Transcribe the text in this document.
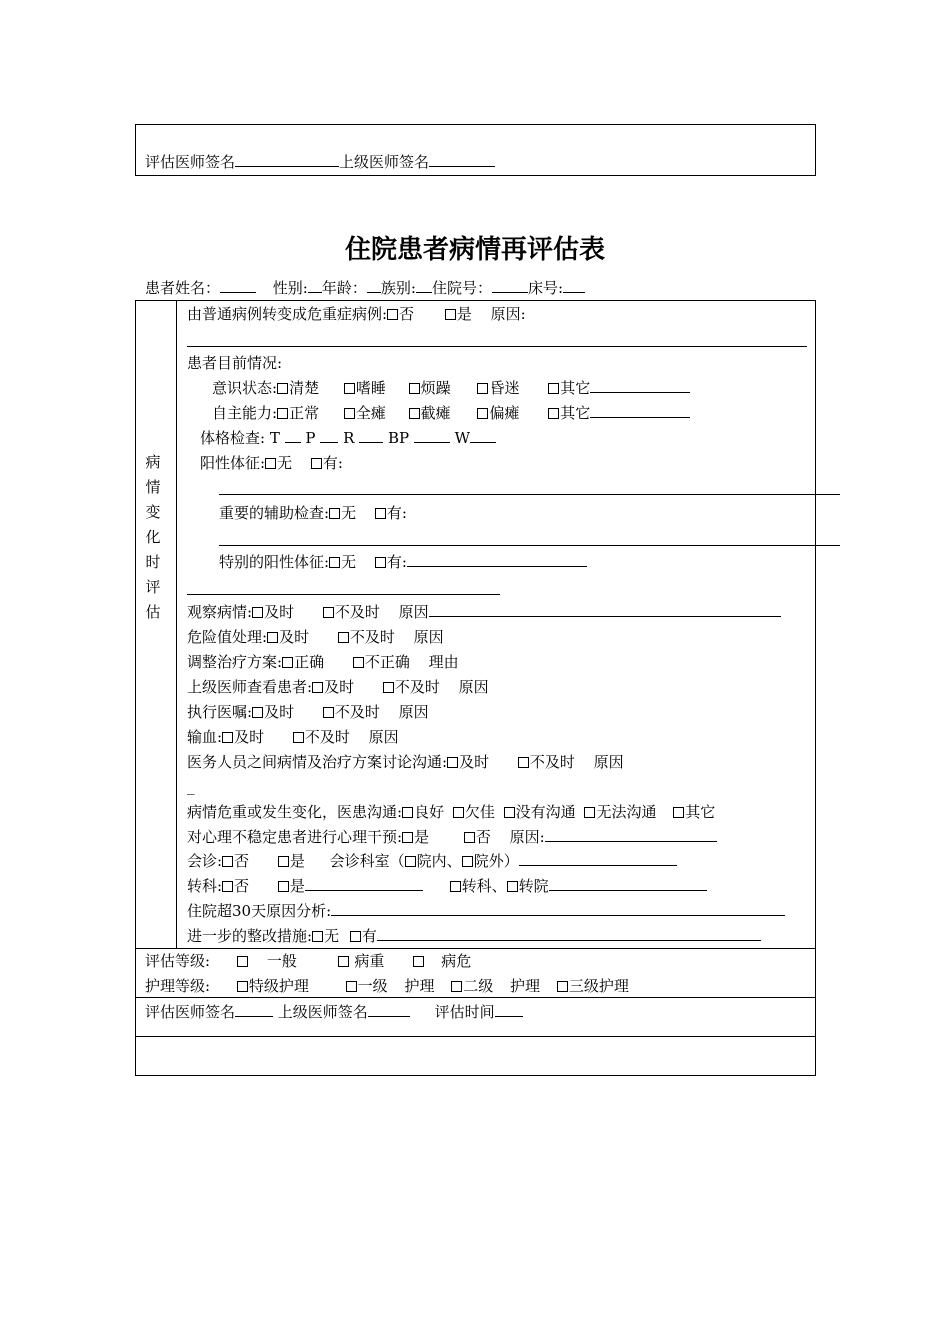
评估医师签名	上级医师签名
住院患者病情再评估表
患者姓名：	性别: 年龄： 族别: 住院号： 床号:
病
情
变
化
时
评
估
由普通病例转变成危重症病例: 否	是 原因:
患者目前情况:
意识状态: 清楚 嗜睡 烦躁	昏迷	其它
自主能力: 正常 全瘫 截瘫	偏瘫	其它
体格检查: T P R BP	W
阳性体征: 无 有:
重要的辅助检查: 无 有:
特别的阳性体征: 无 有:
观察病情: 及时	不及时 原因
危险值处理: 及时	不及时 原因
调整治疗方案: 正确	不正确 理由
上级医师查看患者: 及时	不及时 原因
执行医嘱: 及时	不及时 原因
输血: 及时	不及时 原因
医务人员之间病情及治疗方案讨论沟通: 及时	不及时 原因
_
病情危重或发生变化，医患沟通: 良好 欠佳 没有沟通 无法沟通 其它
对心理不稳定患者进行心理干预: 是	否 原因:
会诊: 否	是 会诊科室（ 院内、 院外）
转科: 否	是	转科、 转院
住院超30天原因分析:
进一步的整改措施: 无 有
评估等级:	一般	病重	病危
护理等级:	特级护理	一级 护理 二级 护理 三级护理
评估医师签名	上级医师签名	评估时间
